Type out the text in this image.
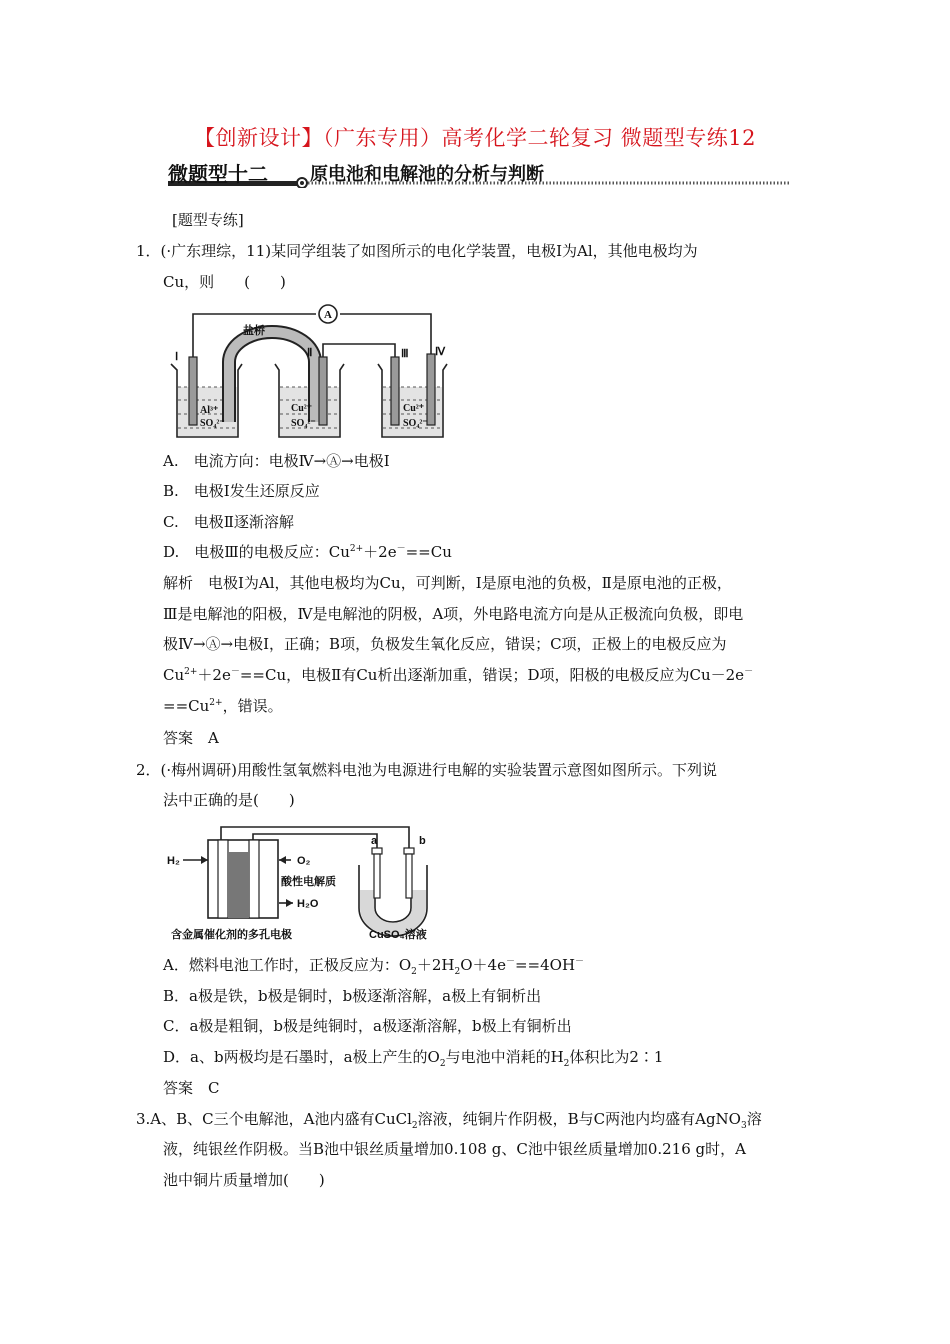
【创新设计】（广东专用）高考化学二轮复习 微题型专练12
微题型十二 原电池和电解池的分析与判断
[题型专练]
1．(·广东理综，11)某同学组装了如图所示的电化学装置，电极Ⅰ为Al，其他电极均为
Cu，则　　(　　)
A
盐桥
Ⅰ	Ⅱ	Ⅲ Ⅳ
Al³⁺
SO₄²⁻
Cu²⁺
SO₄²⁻
Cu²⁺
SO₄²⁻
A.　电流方向：电极Ⅳ→Ⓐ→电极Ⅰ
B.　电极Ⅰ发生还原反应
C.　电极Ⅱ逐渐溶解
D.　电极Ⅲ的电极反应：$Cu^{2+}+2e^-==Cu$
解析　电极Ⅰ为Al，其他电极均为Cu，可判断，Ⅰ是原电池的负极，Ⅱ是原电池的正极，
Ⅲ是电解池的阳极，Ⅳ是电解池的阴极，A项，外电路电流方向是从正极流向负极，即电
极Ⅳ→Ⓐ→电极Ⅰ，正确；B项，负极发生氧化反应，错误；C项，正极上的电极反应为
$Cu^{2+}+2e^-==Cu$，电极Ⅱ有Cu析出逐渐加重，错误；D项，阳极的电极反应为Cu－2e－
$==Cu^{2+}$，错误。
答案　A
2．(·梅州调研)用酸性氢氧燃料电池为电源进行电解的实验装置示意图如图所示。下列说
法中正确的是(　　)
H₂	O₂
H₂O
酸性电解质
含金属催化剂的多孔电极
a	b
CuSO₄溶液
A．燃料电池工作时，正极反应为：$O_2+2H_2O+4e^-==4OH^-$
B．a极是铁，b极是铜时，b极逐渐溶解，a极上有铜析出
C．a极是粗铜，b极是纯铜时，a极逐渐溶解，b极上有铜析出
D．a、b两极均是石墨时，a极上产生的$O_2$与电池中消耗的$H_2$体积比为2∶1
答案　C
3.A、B、C三个电解池，A池内盛有CuCl$_2$溶液，纯铜片作阴极，B与C两池内均盛有AgNO$_3$溶
液，纯银丝作阴极。当B池中银丝质量增加0.108 g、C池中银丝质量增加0.216 g时，A
池中铜片质量增加(　　)
